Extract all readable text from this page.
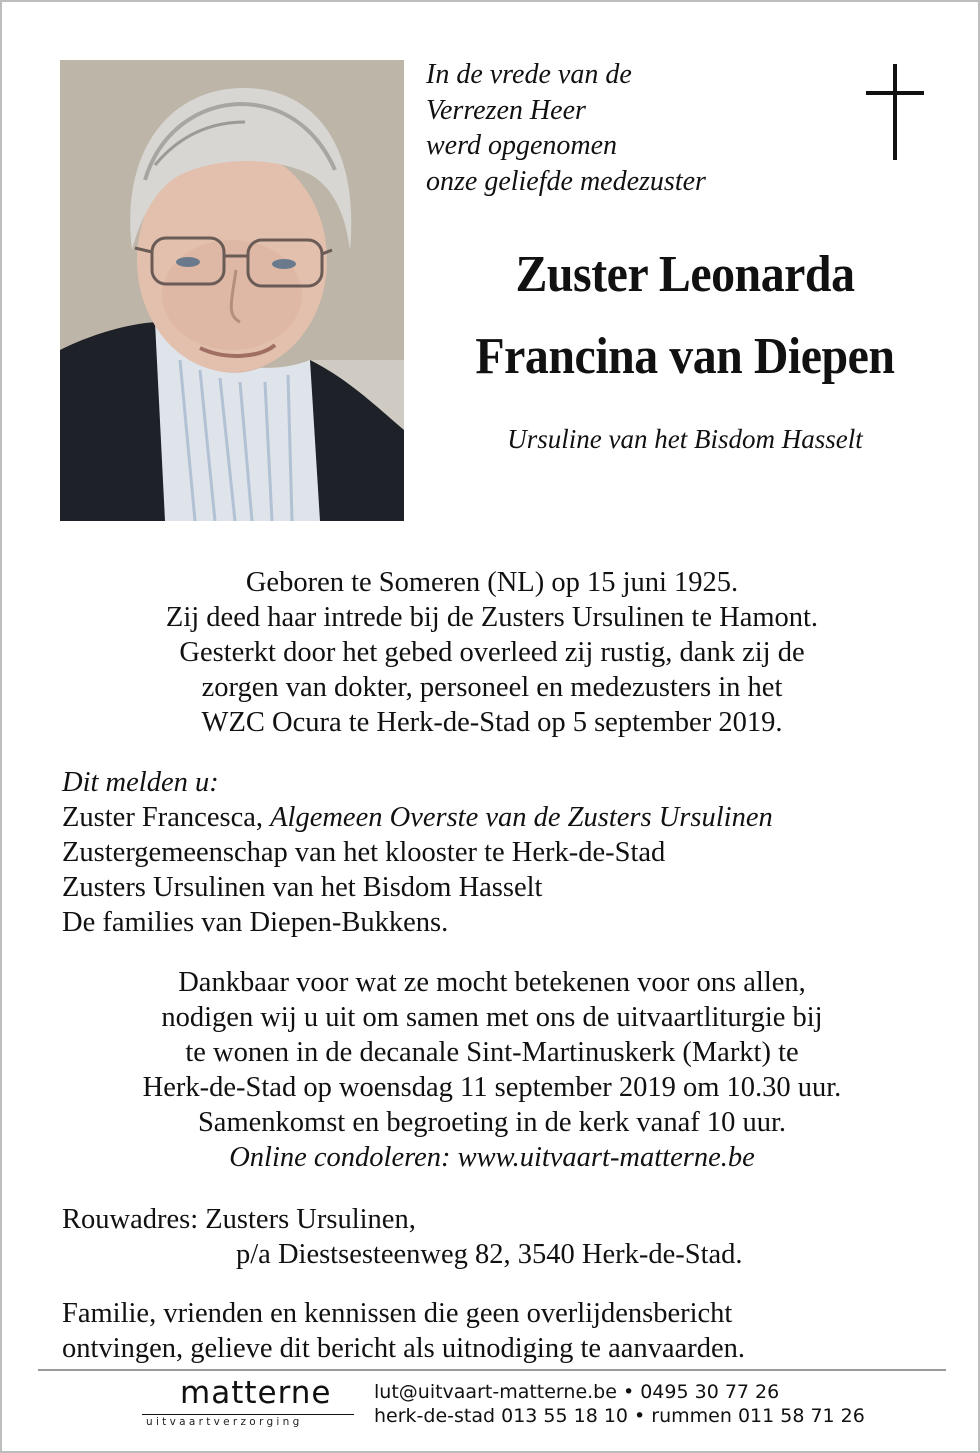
In de vrede van de
Verrezen Heer
werd opgenomen
onze geliefde medezuster
Zuster Leonarda
Francina van Diepen
Ursuline van het Bisdom Hasselt
Geboren te Someren (NL) op 15 juni 1925.
Zij deed haar intrede bij de Zusters Ursulinen te Hamont.
Gesterkt door het gebed overleed zij rustig, dank zij de
zorgen van dokter, personeel en medezusters in het
WZC Ocura te Herk-de-Stad op 5 september 2019.
Dit melden u:
Zuster Francesca, Algemeen Overste van de Zusters Ursulinen
Zustergemeenschap van het klooster te Herk-de-Stad
Zusters Ursulinen van het Bisdom Hasselt
De families van Diepen-Bukkens.
Dankbaar voor wat ze mocht betekenen voor ons allen,
nodigen wij u uit om samen met ons de uitvaartliturgie bij
te wonen in de decanale Sint-Martinuskerk (Markt) te
Herk-de-Stad op woensdag 11 september 2019 om 10.30 uur.
Samenkomst en begroeting in de kerk vanaf 10 uur.
Online condoleren: www.uitvaart-matterne.be
Rouwadres: Zusters Ursulinen,
p/a Diestsesteenweg 82, 3540 Herk-de-Stad.
Familie, vrienden en kennissen die geen overlijdensbericht
ontvingen, gelieve dit bericht als uitnodiging te aanvaarden.
matterne
uitvaartverzorging
lut@uitvaart-matterne.be • 0495 30 77 26
herk-de-stad 013 55 18 10 • rummen 011 58 71 26
